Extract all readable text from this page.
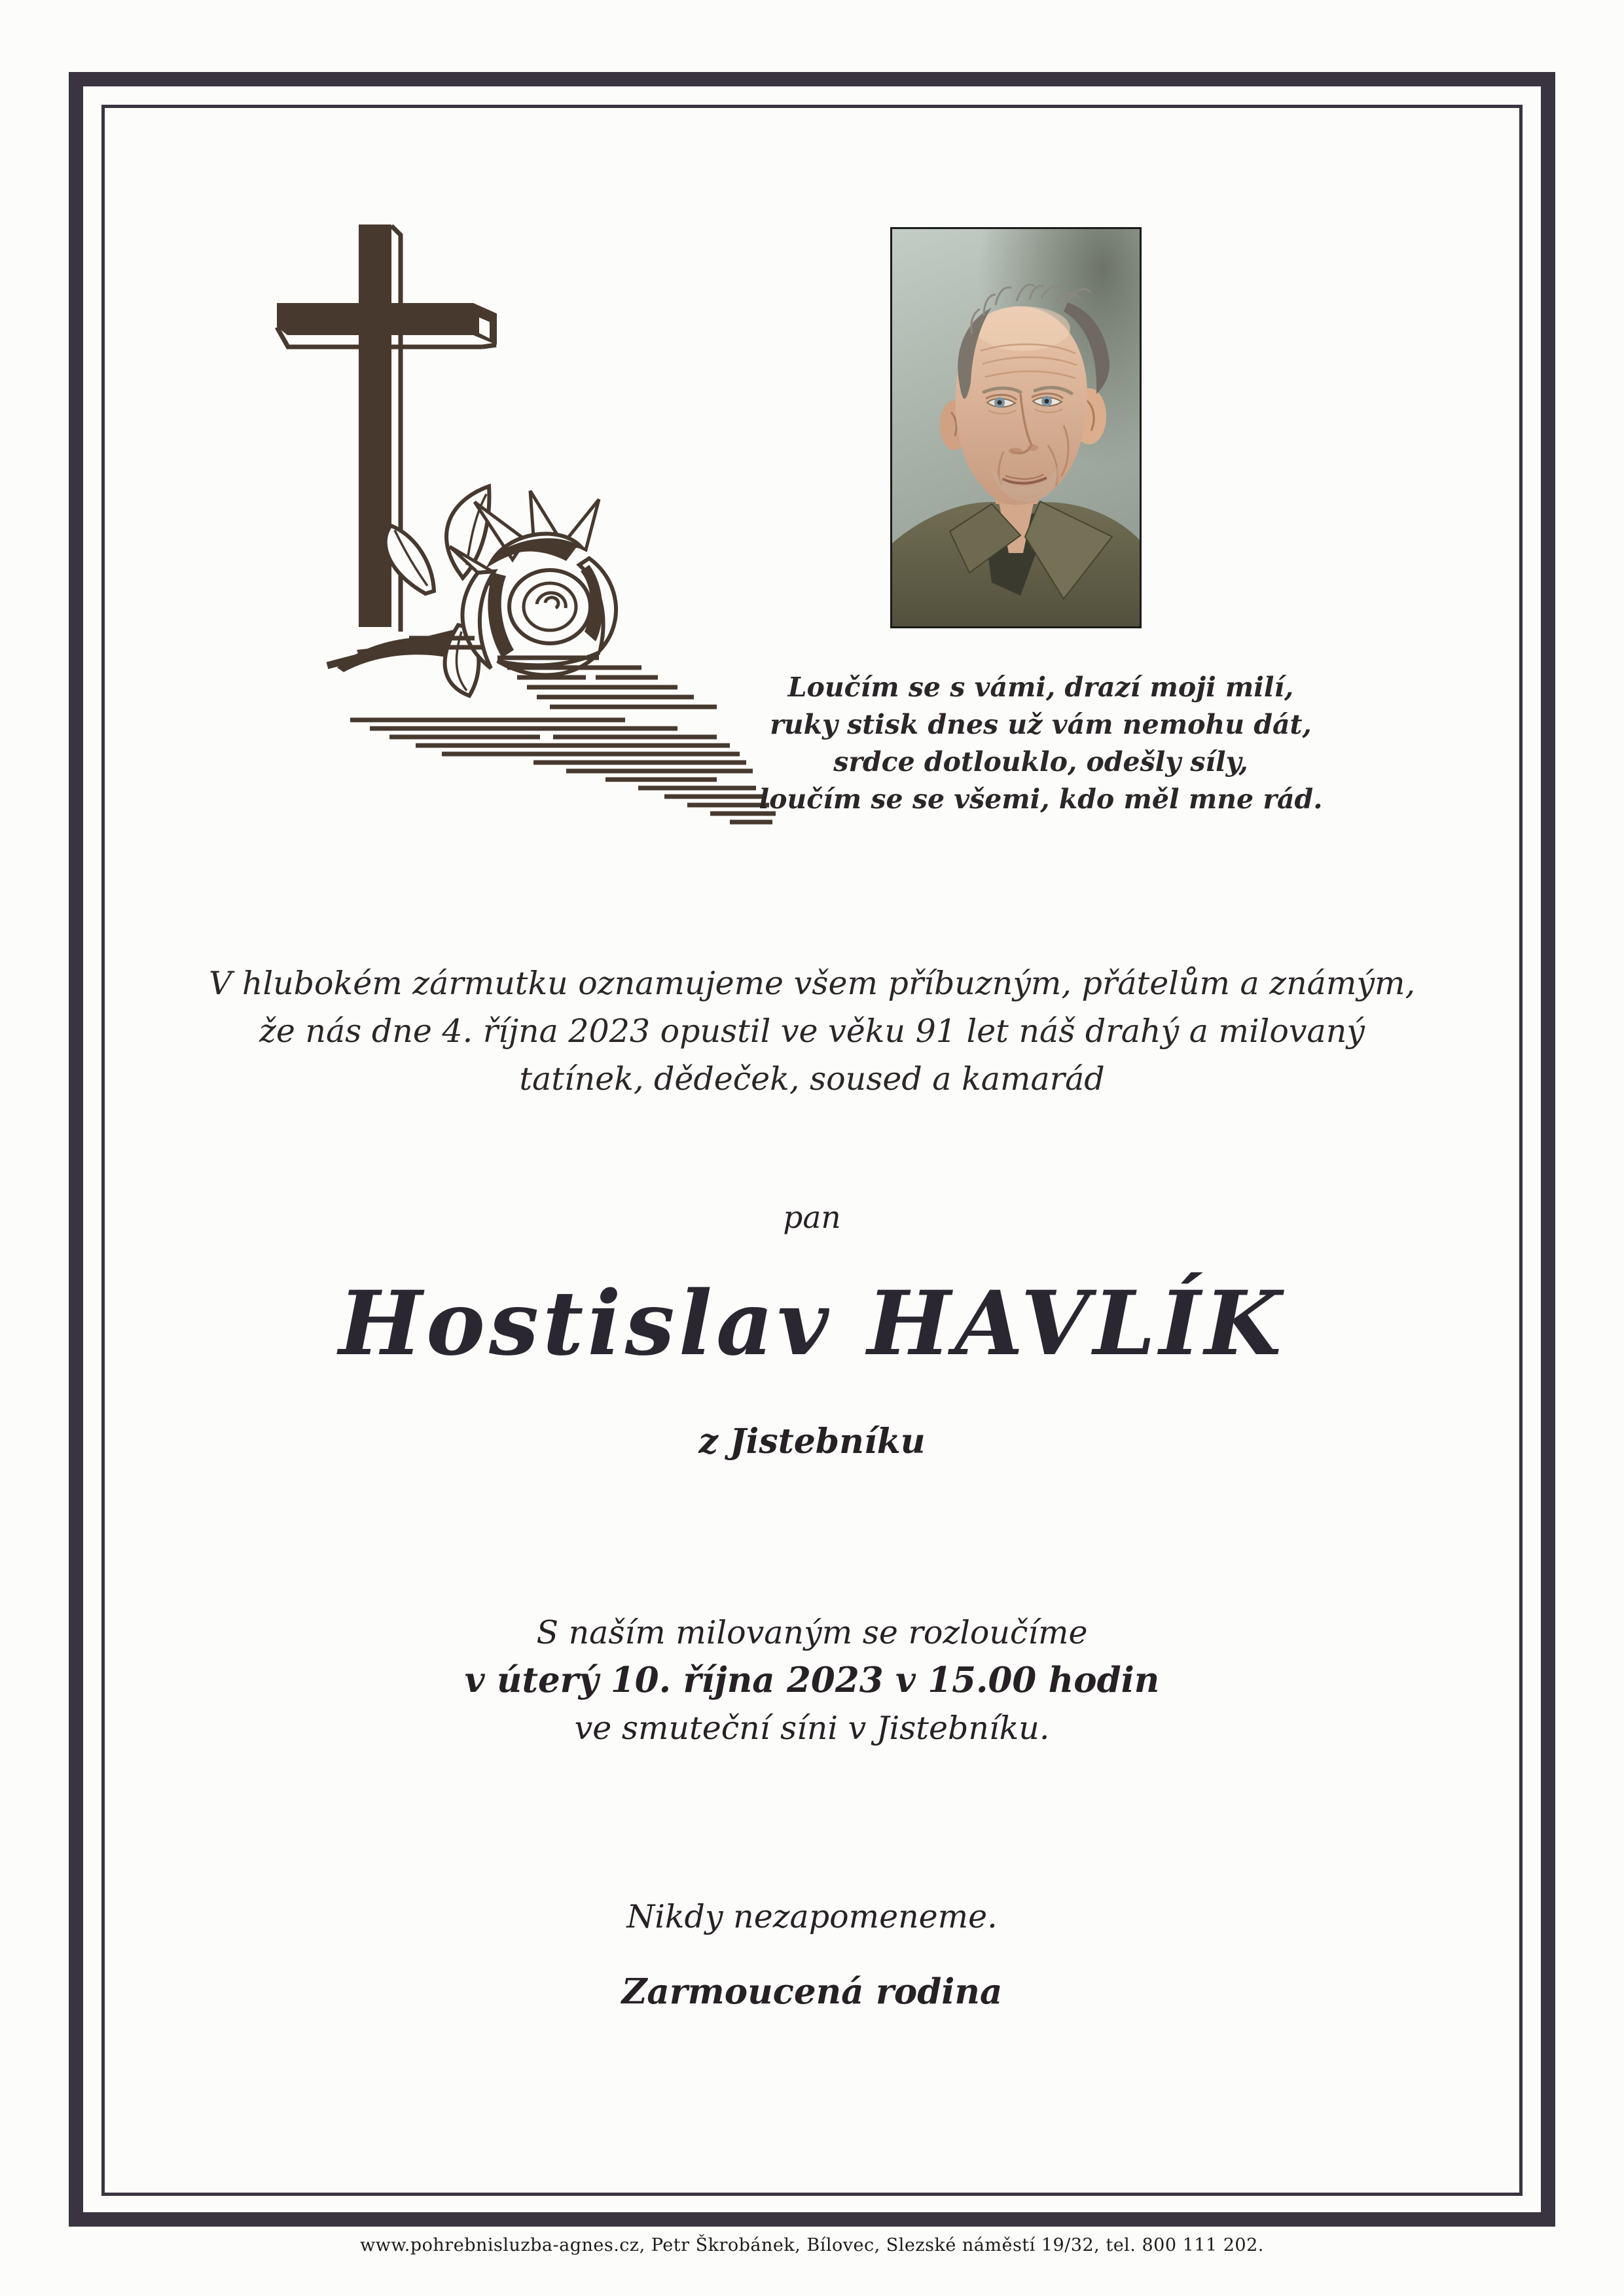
Loučím se s vámi, drazí moji milí,
ruky stisk dnes už vám nemohu dát,
srdce dotlouklo, odešly síly,
loučím se se všemi, kdo měl mne rád.
V hlubokém zármutku oznamujeme všem příbuzným, přátelům a známým,
že nás dne 4. října 2023 opustil ve věku 91 let náš drahý a milovaný
tatínek, dědeček, soused a kamarád
pan
Hostislav HAVLÍK
z Jistebníku
S naším milovaným se rozloučíme
v úterý 10. října 2023 v 15.00 hodin
ve smuteční síni v Jistebníku.
Nikdy nezapomeneme.
Zarmoucená rodina
www.pohrebnisluzba-agnes.cz, Petr Škrobánek, Bílovec, Slezské náměstí 19/32, tel. 800 111 202.
